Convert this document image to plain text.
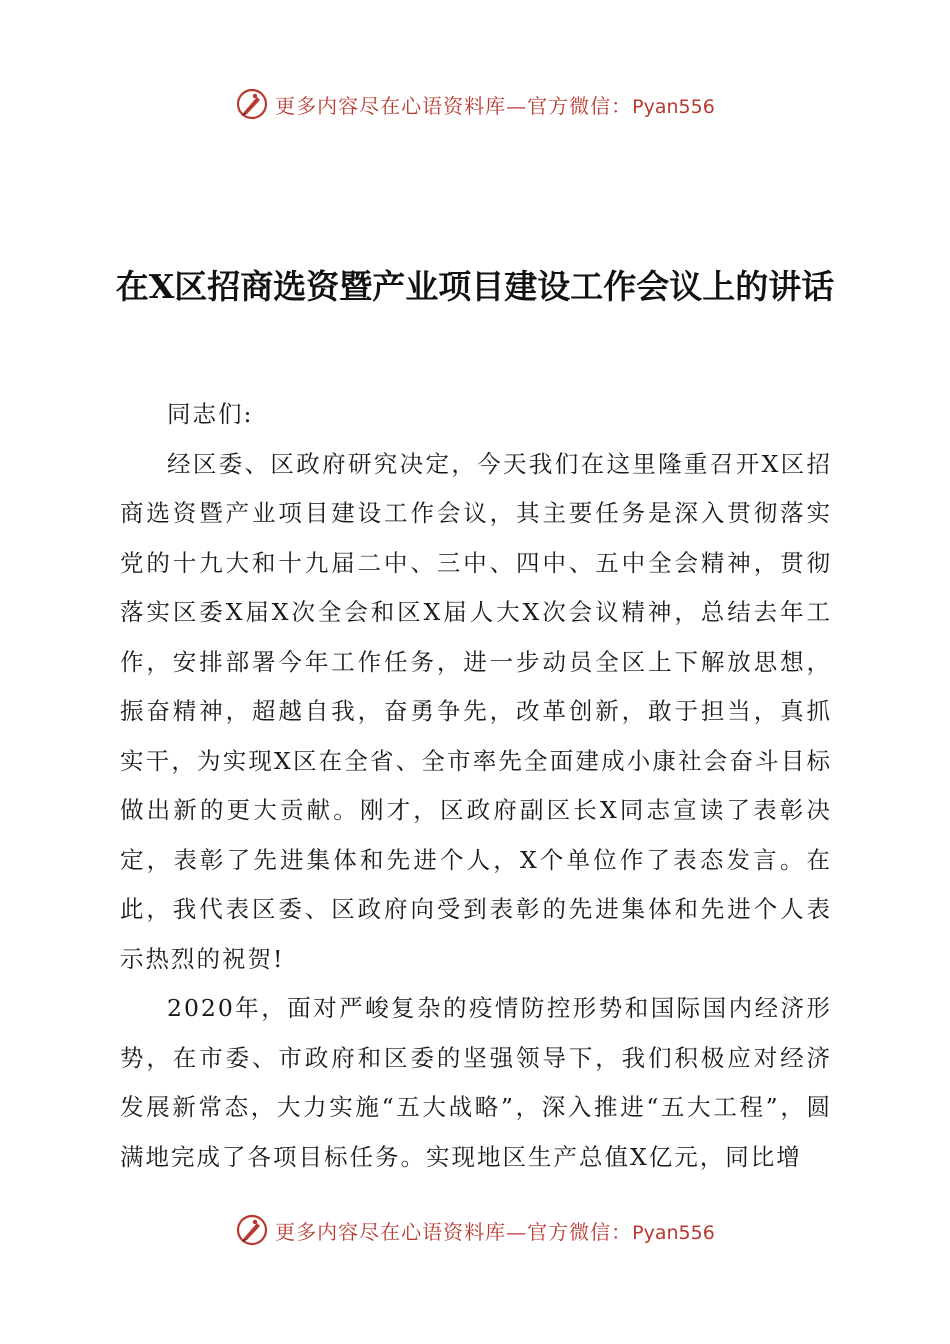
更多内容尽在心语资料库—官方微信：Pyan556
在X区招商选资暨产业项目建设工作会议上的讲话

同志们:

经区委、区政府研究决定，今天我们在这里隆重召开X区招商选资暨产业项目建设工作会议，其主要任务是深入贯彻落实党的十九大和十九届二中、三中、四中、五中全会精神，贯彻落实区委X届X次全会和区X届人大X次会议精神，总结去年工作，安排部署今年工作任务，进一步动员全区上下解放思想，振奋精神，超越自我，奋勇争先，改革创新，敢于担当，真抓实干，为实现X区在全省、全市率先全面建成小康社会奋斗目标做出新的更大贡献。刚才，区政府副区长X同志宣读了表彰决定，表彰了先进集体和先进个人，X个单位作了表态发言。在此，我代表区委、区政府向受到表彰的先进集体和先进个人表示热烈的祝贺!

2020年，面对严峻复杂的疫情防控形势和国际国内经济形势，在市委、市政府和区委的坚强领导下，我们积极应对经济发展新常态，大力实施“五大战略”，深入推进“五大工程”，圆满地完成了各项目标任务。实现地区生产总值X亿元，同比增

更多内容尽在心语资料库—官方微信：Pyan556
